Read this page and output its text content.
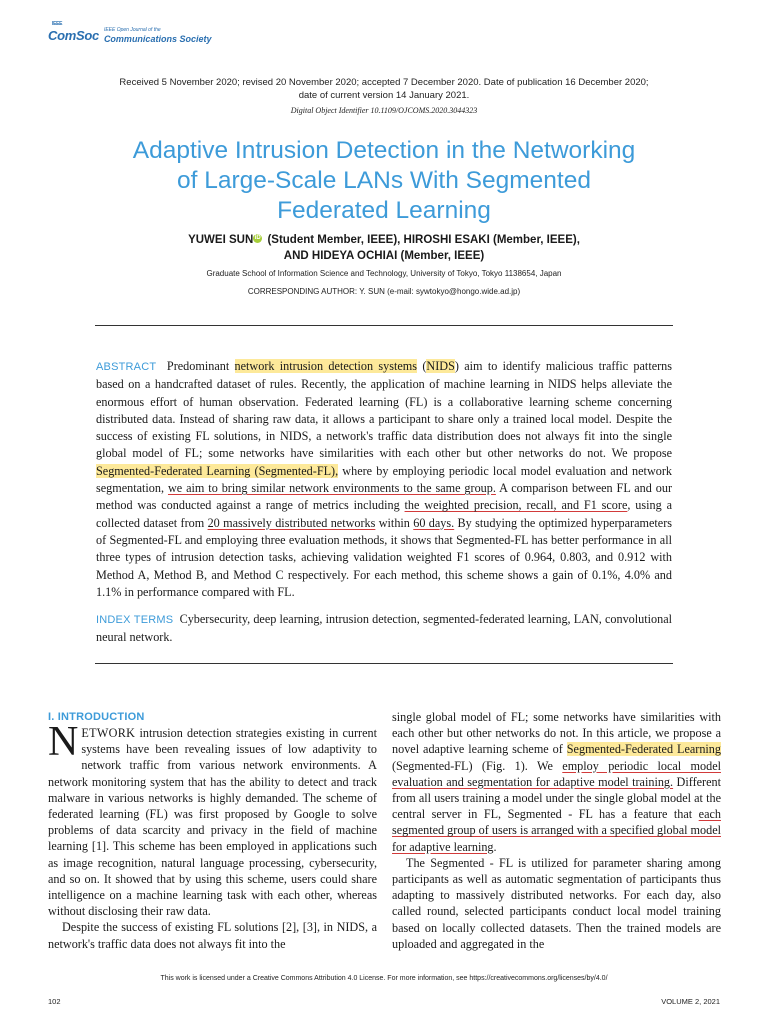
IEEE
ComSoc IEEE Open Journal of the
Communications Society
Received 5 November 2020; revised 20 November 2020; accepted 7 December 2020. Date of publication 16 December 2020;
date of current version 14 January 2021.
Digital Object Identifier 10.1109/OJCOMS.2020.3044323
Adaptive Intrusion Detection in the Networking
of Large-Scale LANs With Segmented
Federated Learning
YUWEI SUN iD (Student Member, IEEE), HIROSHI ESAKI (Member, IEEE),
AND HIDEYA OCHIAI (Member, IEEE)
Graduate School of Information Science and Technology, University of Tokyo, Tokyo 1138654, Japan
CORRESPONDING AUTHOR: Y. SUN (e-mail: sywtokyo@hongo.wide.ad.jp)
ABSTRACT Predominant network intrusion detection systems (NIDS) aim to identify malicious traffic patterns based on a handcrafted dataset of rules. Recently, the application of machine learning in NIDS helps alleviate the enormous effort of human observation. Federated learning (FL) is a collaborative learning scheme concerning distributed data. Instead of sharing raw data, it allows a participant to share only a trained local model. Despite the success of existing FL solutions, in NIDS, a network's traffic data distribution does not always fit into the single global model of FL; some networks have similarities with each other but other networks do not. We propose Segmented-Federated Learning (Segmented-FL), where by employing periodic local model evaluation and network segmentation, we aim to bring similar network environments to the same group. A comparison between FL and our method was conducted against a range of metrics including the weighted precision, recall, and F1 score, using a collected dataset from 20 massively distributed networks within 60 days. By studying the optimized hyperparameters of Segmented-FL and employing three evaluation methods, it shows that Segmented-FL has better performance in all three types of intrusion detection tasks, achieving validation weighted F1 scores of 0.964, 0.803, and 0.912 with Method A, Method B, and Method C respectively. For each method, this scheme shows a gain of 0.1%, 4.0% and 1.1% in performance compared with FL.
INDEX TERMS Cybersecurity, deep learning, intrusion detection, segmented-federated learning, LAN, convolutional neural network.
I. INTRODUCTION

NETWORK intrusion detection strategies existing in current systems have been revealing issues of low adaptivity to network traffic from various network environments. A network monitoring system that has the ability to detect and track malware in various networks is highly demanded. The scheme of federated learning (FL) was first proposed by Google to solve problems of data scarcity and privacy in the field of machine learning [1]. This scheme has been employed in applications such as image recognition, natural language processing, cybersecurity, and so on. It showed that by using this scheme, users could share intelligence on a machine learning task with each other, whereas without disclosing their raw data.

Despite the success of existing FL solutions [2], [3], in NIDS, a network's traffic data does not always fit into the

single global model of FL; some networks have similarities with each other but other networks do not. In this article, we propose a novel adaptive learning scheme of Segmented-Federated Learning (Segmented-FL) (Fig. 1). We employ periodic local model evaluation and segmentation for adaptive model training. Different from all users training a model under the single global model at the central server in FL, Segmented - FL has a feature that each segmented group of users is arranged with a specified global model for adaptive learning.

The Segmented - FL is utilized for parameter sharing among participants as well as automatic segmentation of participants thus adapting to massively distributed networks. For each day, also called round, selected participants conduct local model training based on locally collected datasets. Then the trained models are uploaded and aggregated in the

This work is licensed under a Creative Commons Attribution 4.0 License. For more information, see https://creativecommons.org/licenses/by/4.0/
102	VOLUME 2, 2021
